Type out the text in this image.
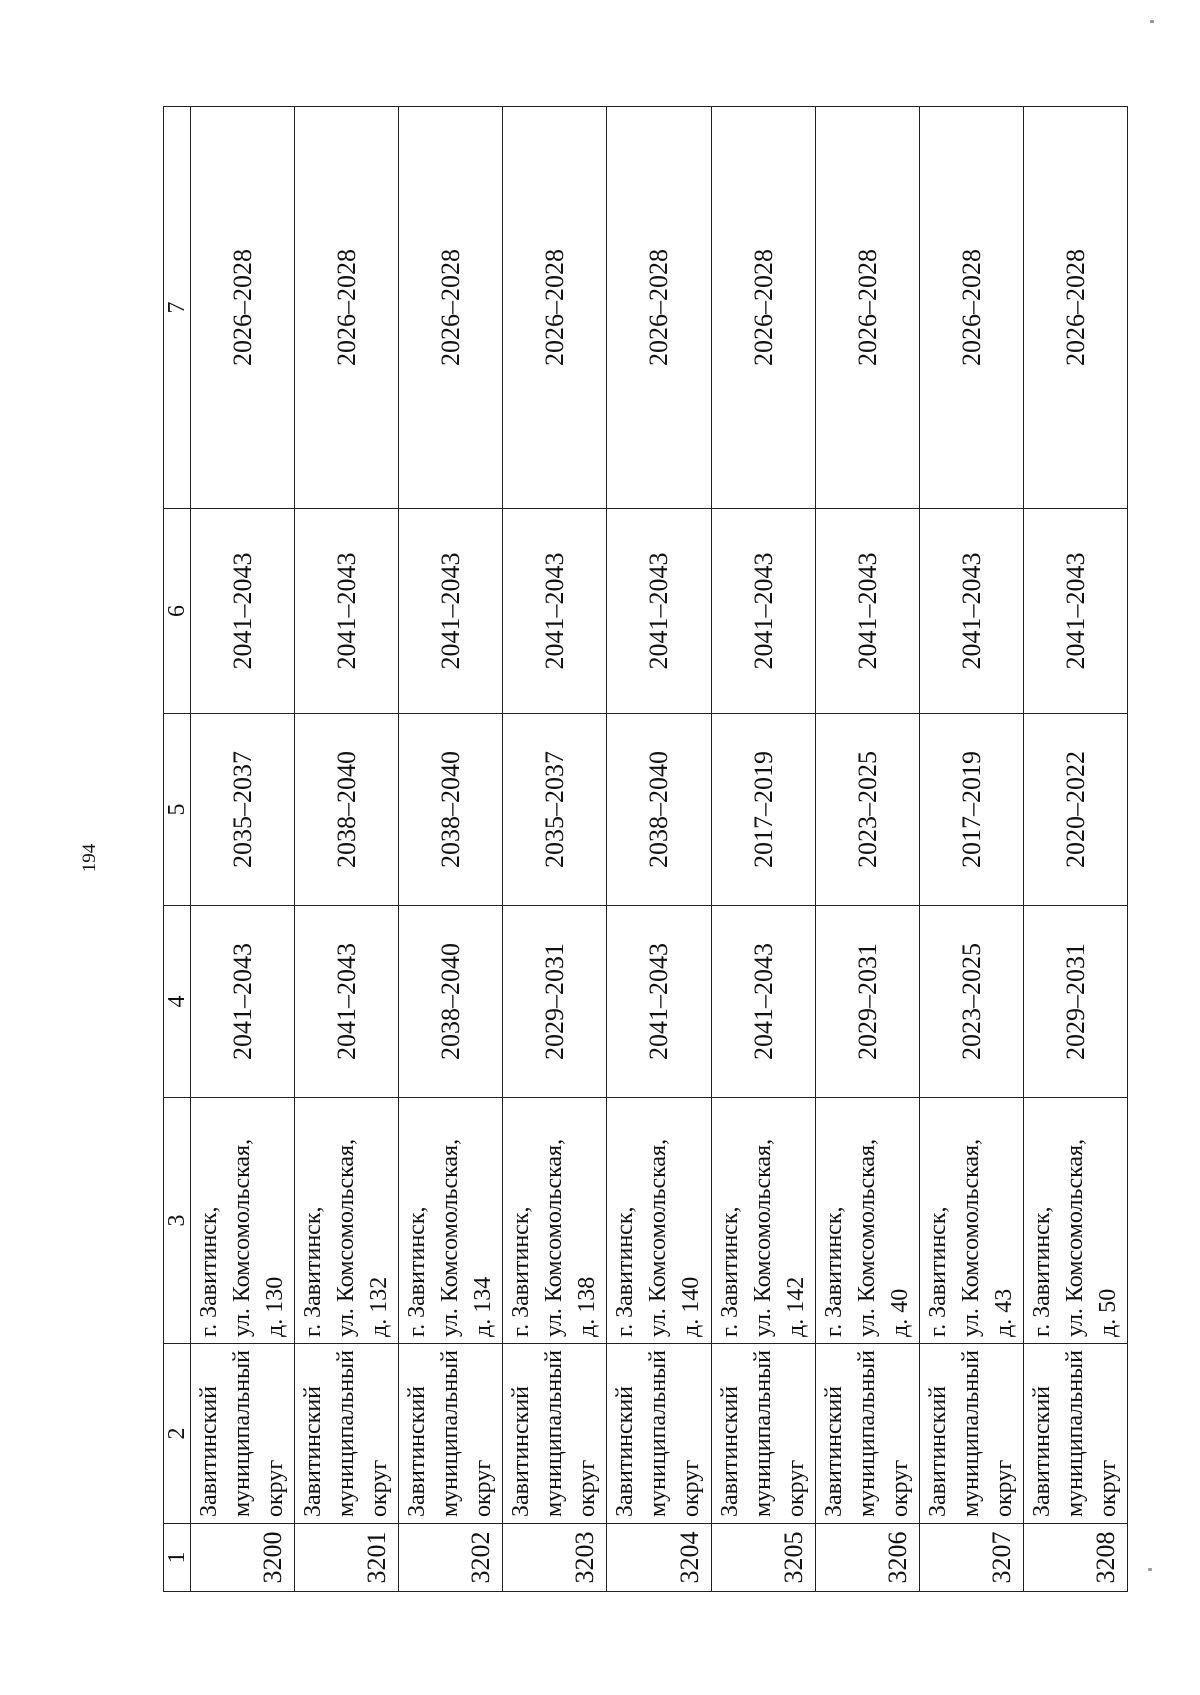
194
1	2	3	4	5	6	7
3200	Завитинский муниципальный округ	г. Завитинск, ул. Комсомольская, д. 130	2041–2043	2035–2037	2041–2043	2026–2028
3201	Завитинский муниципальный округ	г. Завитинск, ул. Комсомольская, д. 132	2041–2043	2038–2040	2041–2043	2026–2028
3202	Завитинский муниципальный округ	г. Завитинск, ул. Комсомольская, д. 134	2038–2040	2038–2040	2041–2043	2026–2028
3203	Завитинский муниципальный округ	г. Завитинск, ул. Комсомольская, д. 138	2029–2031	2035–2037	2041–2043	2026–2028
3204	Завитинский муниципальный округ	г. Завитинск, ул. Комсомольская, д. 140	2041–2043	2038–2040	2041–2043	2026–2028
3205	Завитинский муниципальный округ	г. Завитинск, ул. Комсомольская, д. 142	2041–2043	2017–2019	2041–2043	2026–2028
3206	Завитинский муниципальный округ	г. Завитинск, ул. Комсомольская, д. 40	2029–2031	2023–2025	2041–2043	2026–2028
3207	Завитинский муниципальный округ	г. Завитинск, ул. Комсомольская, д. 43	2023–2025	2017–2019	2041–2043	2026–2028
3208	Завитинский муниципальный округ	г. Завитинск, ул. Комсомольская, д. 50	2029–2031	2020–2022	2041–2043	2026–2028
